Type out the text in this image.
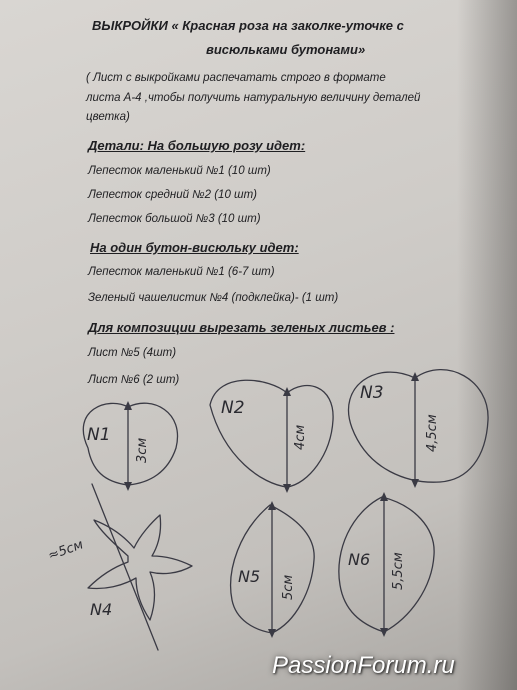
ВЫКРОЙКИ « Красная роза на заколке-уточке с
висюльками бутонами»
( Лист с выкройками распечатать строго в формате
листа А-4 ,чтобы получить натуральную величину деталей
цветка)
Детали: На большую розу идет:
Лепесток маленький №1 (10 шт)
Лепесток средний №2 (10 шт)
Лепесток большой №3 (10 шт)
На один бутон-висюльку идет:
Лепесток маленький №1 (6-7 шт)
Зеленый чашелистик №4 (подклейка)- (1 шт)
Для композиции вырезать зеленых листьев :
Лист №5 (4шт)
Лист №6 (2 шт)
N1
3см
N2
4см
N3
4,5см
≈5см
N4
N5 5см
N6 5,5см
PassionForum.ru
